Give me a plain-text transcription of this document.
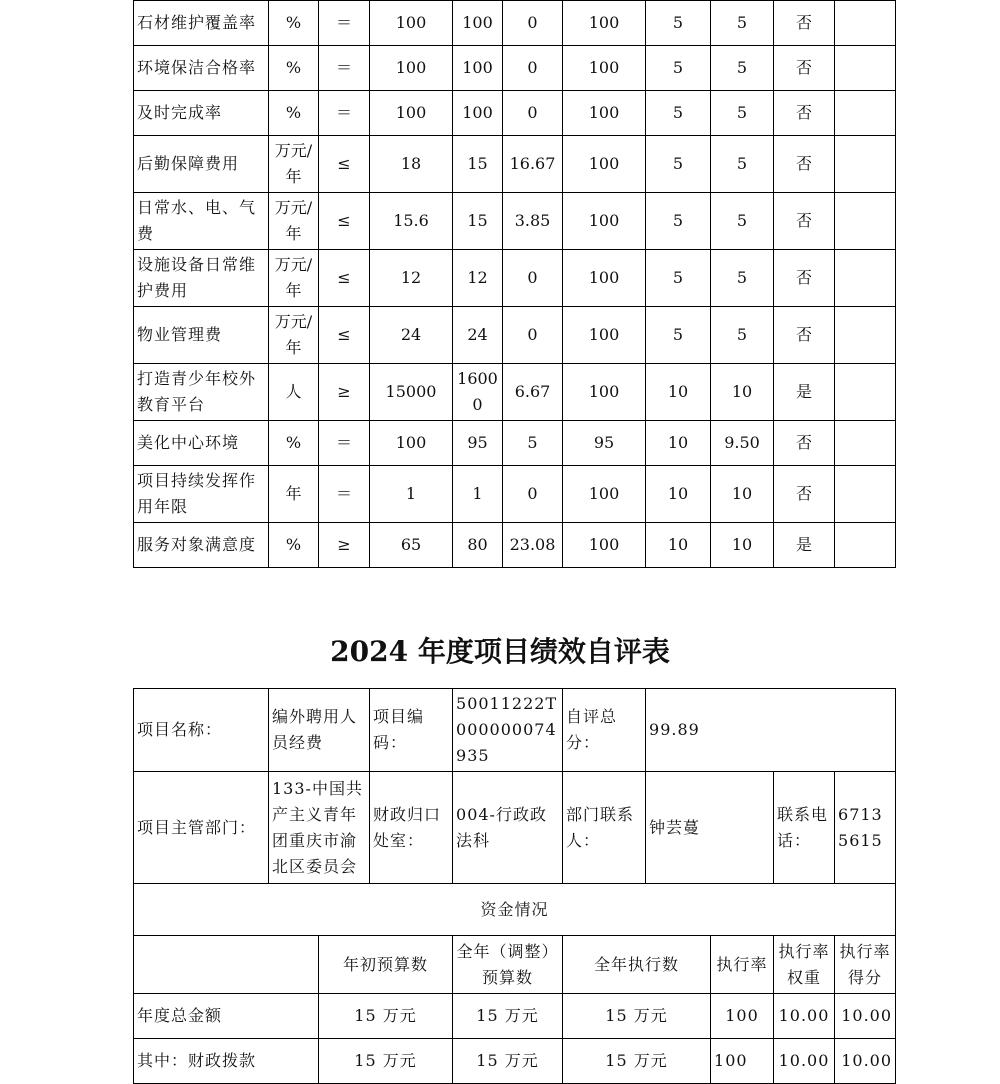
石材维护覆盖率	%	＝	100	100	0	100	5	5	否	
环境保洁合格率	%	＝	100	100	0	100	5	5	否	
及时完成率	%	＝	100	100	0	100	5	5	否	
后勤保障费用	万元/年	≤	18	15	16.67	100	5	5	否	
日常水、电、气费	万元/年	≤	15.6	15	3.85	100	5	5	否	
设施设备日常维护费用	万元/年	≤	12	12	0	100	5	5	否	
物业管理费	万元/年	≤	24	24	0	100	5	5	否	
打造青少年校外教育平台	人	≥	15000	16000	6.67	100	10	10	是	
美化中心环境	%	＝	100	95	5	95	10	9.50	否	
项目持续发挥作用年限	年	＝	1	1	0	100	10	10	否	
服务对象满意度	%	≥	65	80	23.08	100	10	10	是	
2024 年度项目绩效自评表
项目名称：	编外聘用人员经费		项目编码：	50011222T000000074935	自评总分：	99.89			
项目主管部门：	133-中国共产主义青年团重庆市渝北区委员会		财政归口处室：	004-行政政法科	部门联系人：	钟芸蔓		联系电话：	67135615
资金情况									
		年初预算数		全年（调整）预算数	全年执行数		执行率	执行率权重	执行率得分
年度总金额		15 万元		15 万元	15 万元		100	10.00	10.00
其中：财政拨款		15 万元		15 万元	15 万元		100	10.00	10.00
